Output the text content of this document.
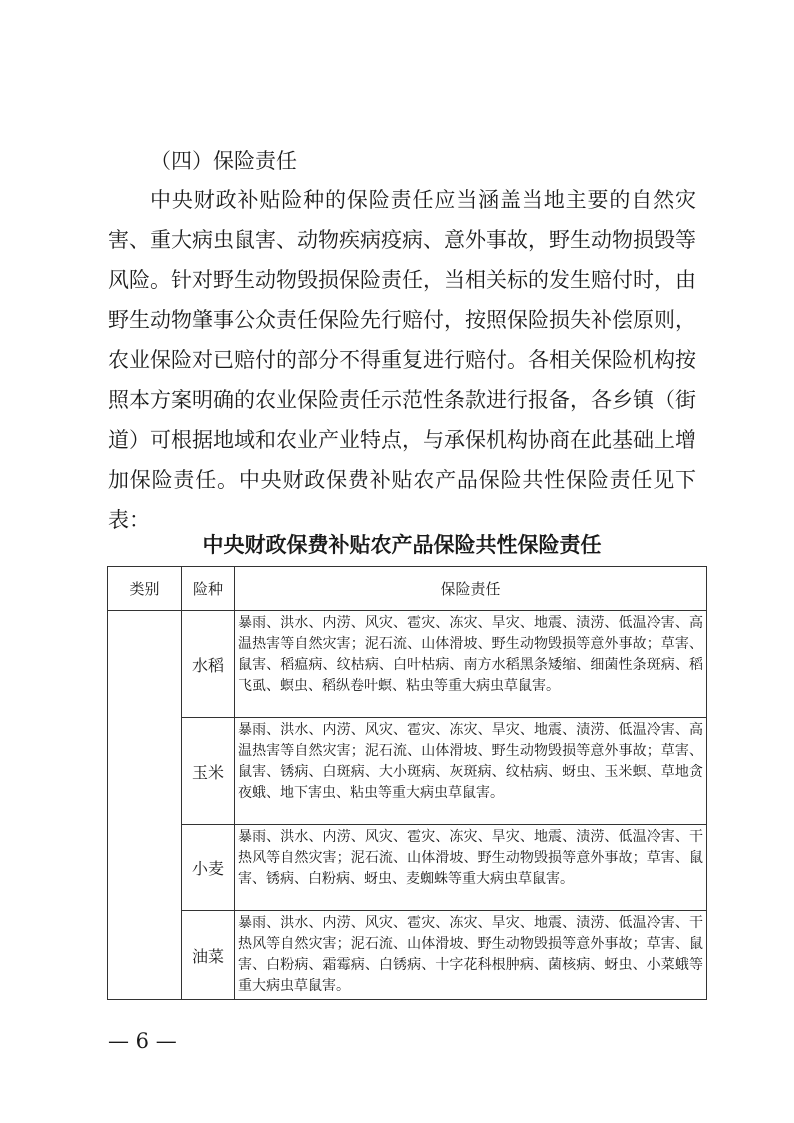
（四）保险责任
中央财政补贴险种的保险责任应当涵盖当地主要的自然灾
害、重大病虫鼠害、动物疾病疫病、意外事故，野生动物损毁等
风险。针对野生动物毁损保险责任，当相关标的发生赔付时，由
野生动物肇事公众责任保险先行赔付，按照保险损失补偿原则，
农业保险对已赔付的部分不得重复进行赔付。各相关保险机构按
照本方案明确的农业保险责任示范性条款进行报备，各乡镇（街
道）可根据地域和农业产业特点，与承保机构协商在此基础上增
加保险责任。中央财政保费补贴农产品保险共性保险责任见下
表：
中央财政保费补贴农产品保险共性保险责任
类别	险种	保险责任
	水稻	暴雨、洪水、内涝、风灾、雹灾、冻灾、旱灾、地震、渍涝、低温冷害、高温热害等自然灾害；泥石流、山体滑坡、野生动物毁损等意外事故；草害、鼠害、稻瘟病、纹枯病、白叶枯病、南方水稻黑条矮缩、细菌性条斑病、稻飞虱、螟虫、稻纵卷叶螟、粘虫等重大病虫草鼠害。
	玉米	暴雨、洪水、内涝、风灾、雹灾、冻灾、旱灾、地震、渍涝、低温冷害、高温热害等自然灾害；泥石流、山体滑坡、野生动物毁损等意外事故；草害、鼠害、锈病、白斑病、大小斑病、灰斑病、纹枯病、蚜虫、玉米螟、草地贪夜蛾、地下害虫、粘虫等重大病虫草鼠害。
	小麦	暴雨、洪水、内涝、风灾、雹灾、冻灾、旱灾、地震、渍涝、低温冷害、干热风等自然灾害；泥石流、山体滑坡、野生动物毁损等意外事故；草害、鼠害、锈病、白粉病、蚜虫、麦蜘蛛等重大病虫草鼠害。
	油菜	暴雨、洪水、内涝、风灾、雹灾、冻灾、旱灾、地震、渍涝、低温冷害、干热风等自然灾害；泥石流、山体滑坡、野生动物毁损等意外事故；草害、鼠害、白粉病、霜霉病、白锈病、十字花科根肿病、菌核病、蚜虫、小菜蛾等重大病虫草鼠害。
— 6 —
